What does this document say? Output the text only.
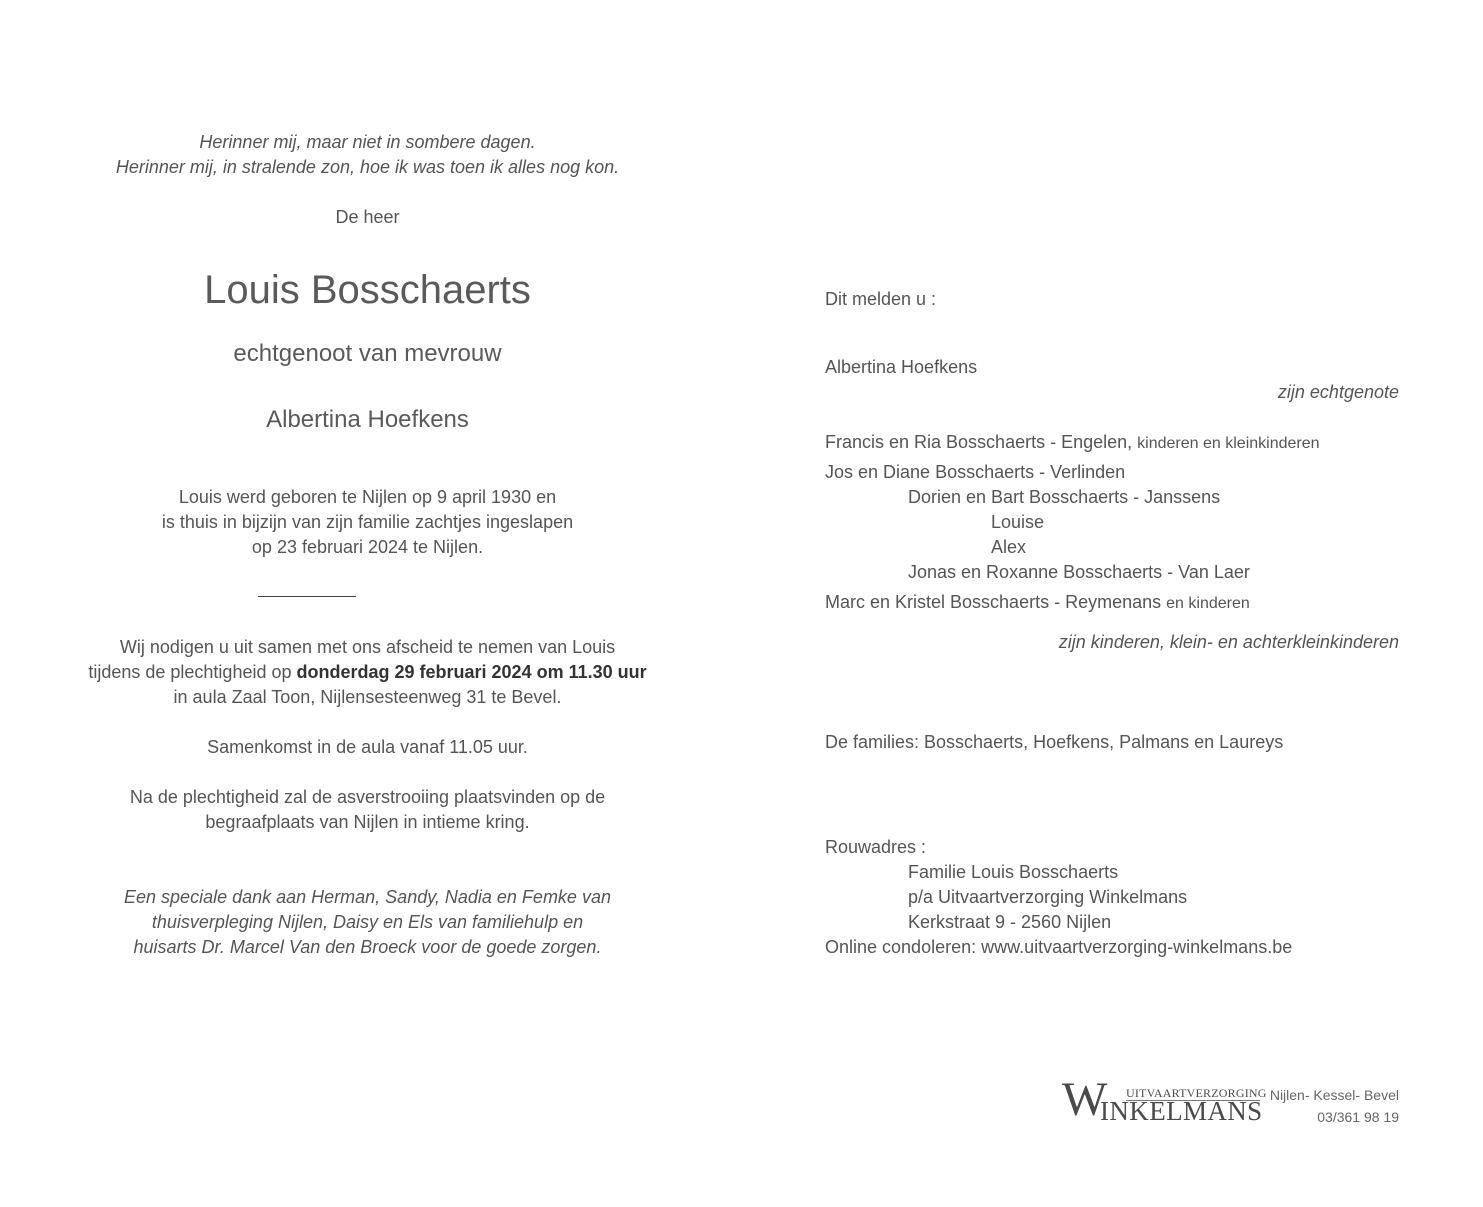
Herinner mij, maar niet in sombere dagen.
Herinner mij, in stralende zon, hoe ik was toen ik alles nog kon.
De heer
Louis Bosschaerts
echtgenoot van mevrouw
Albertina Hoefkens
Louis werd geboren te Nijlen op 9 april 1930 en
is thuis in bijzijn van zijn familie zachtjes ingeslapen
op 23 februari 2024 te Nijlen.
Wij nodigen u uit samen met ons afscheid te nemen van Louis
tijdens de plechtigheid op donderdag 29 februari 2024 om 11.30 uur
in aula Zaal Toon, Nijlensesteenweg 31 te Bevel.
Samenkomst in de aula vanaf 11.05 uur.
Na de plechtigheid zal de asverstrooiing plaatsvinden op de
begraafplaats van Nijlen in intieme kring.
Een speciale dank aan Herman, Sandy, Nadia en Femke van
thuisverpleging Nijlen, Daisy en Els van familiehulp en
huisarts Dr. Marcel Van den Broeck voor de goede zorgen.
Dit melden u :
Albertina Hoefkens
zijn echtgenote
Francis en Ria Bosschaerts - Engelen, kinderen en kleinkinderen
Jos en Diane Bosschaerts - Verlinden
Dorien en Bart Bosschaerts - Janssens
Louise
Alex
Jonas en Roxanne Bosschaerts - Van Laer
Marc en Kristel Bosschaerts - Reymenans en kinderen
zijn kinderen, klein- en achterkleinkinderen
De families: Bosschaerts, Hoefkens, Palmans en Laureys
Rouwadres :
Familie Louis Bosschaerts
p/a Uitvaartverzorging Winkelmans
Kerkstraat 9 - 2560 Nijlen
Online condoleren: www.uitvaartverzorging-winkelmans.be
W UITVAARTVERZORGING
INKELMANS
Nijlen- Kessel- Bevel
03/361 98 19
